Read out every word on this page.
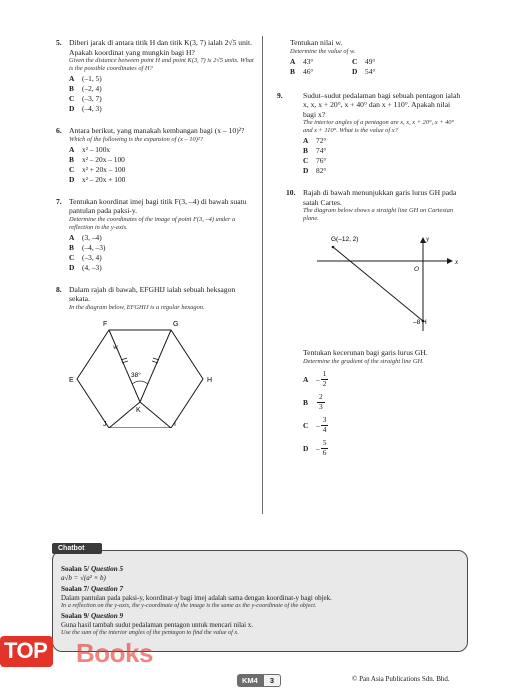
5. Diberi jarak di antara titik H dan titik K(3, 7) ialah 2√5 unit. Apakah koordinat yang mungkin bagi H?
Given the distance between point H and point K(3, 7) is 2√5 units. What is the possible coordinates of H?
A	(–1, 5)
B	(–2, 4)
C	(–3, 7)
D	(–4, 3)
6. Antara berikut, yang manakah kembangan bagi (x – 10)²?
Which of the following is the expansion of (x – 10)²?
A	x² – 100x
B	x² – 20x – 100
C	x² + 20x – 100
D	x² – 20x + 100
7. Tentukan koordinat imej bagi titik F(3, –4) di bawah suatu pantulan pada paksi-y.
Determine the coordinates of the image of point F(3, –4) under a reflection in the y-axis.
A	(3, –4)
B	(–4, –3)
C	(–3, 4)
D	(4, –3)
8. Dalam rajah di bawah, EFGHIJ ialah sebuah heksagon sekata.
In the diagram below, EFGHIJ is a regular hexagon.
F	G
E	H
J	I
K
w
38°
Tentukan nilai w.
Determine the value of w.
A	43°	C	49°
B	46°	D	54°
9.	Sudut–sudut pedalaman bagi sebuah pentagon ialah x, x, x + 20°, x + 40° dan x + 110°. Apakah nilai bagi x?
The interior angles of a pentagon are x, x, x + 20°, x + 40° and x + 110°. What is the value of x?
A	72°
B	74°
C	76°
D	82°
10. Rajah di bawah menunjukkan garis lurus GH pada satah Cartes.
The diagram below shows a straight line GH on Cartesian plane.
G(–12, 2)	y
x
O
–8 H
Tentukan kecerunan bagi garis lurus GH.
Determine the gradient of the straight line GH.
A	– $\frac{1}{2}$
B	$\frac{2}{3}$
C	– $\frac{3}{4}$
D	– $\frac{5}{6}$
Soalan 5/ Question 5
a√b = √(a² × b)
Soalan 7/ Question 7
Dalam pantulan pada paksi-y, koordinat-y bagi imej adalah sama dengan koordinat-y bagi objek.
In a reflection on the y-axis, the y-coordinate of the image is the same as the y-coordinate of the object.
Soalan 9/ Question 9
Guna hasil tambah sudut pedalaman pentagon untuk mencari nilai x.
Use the sum of the interior angles of the pentagon to find the value of x.
Chatbot
TOP Books
KM4	3	© Pan Asia Publications Sdn. Bhd.
